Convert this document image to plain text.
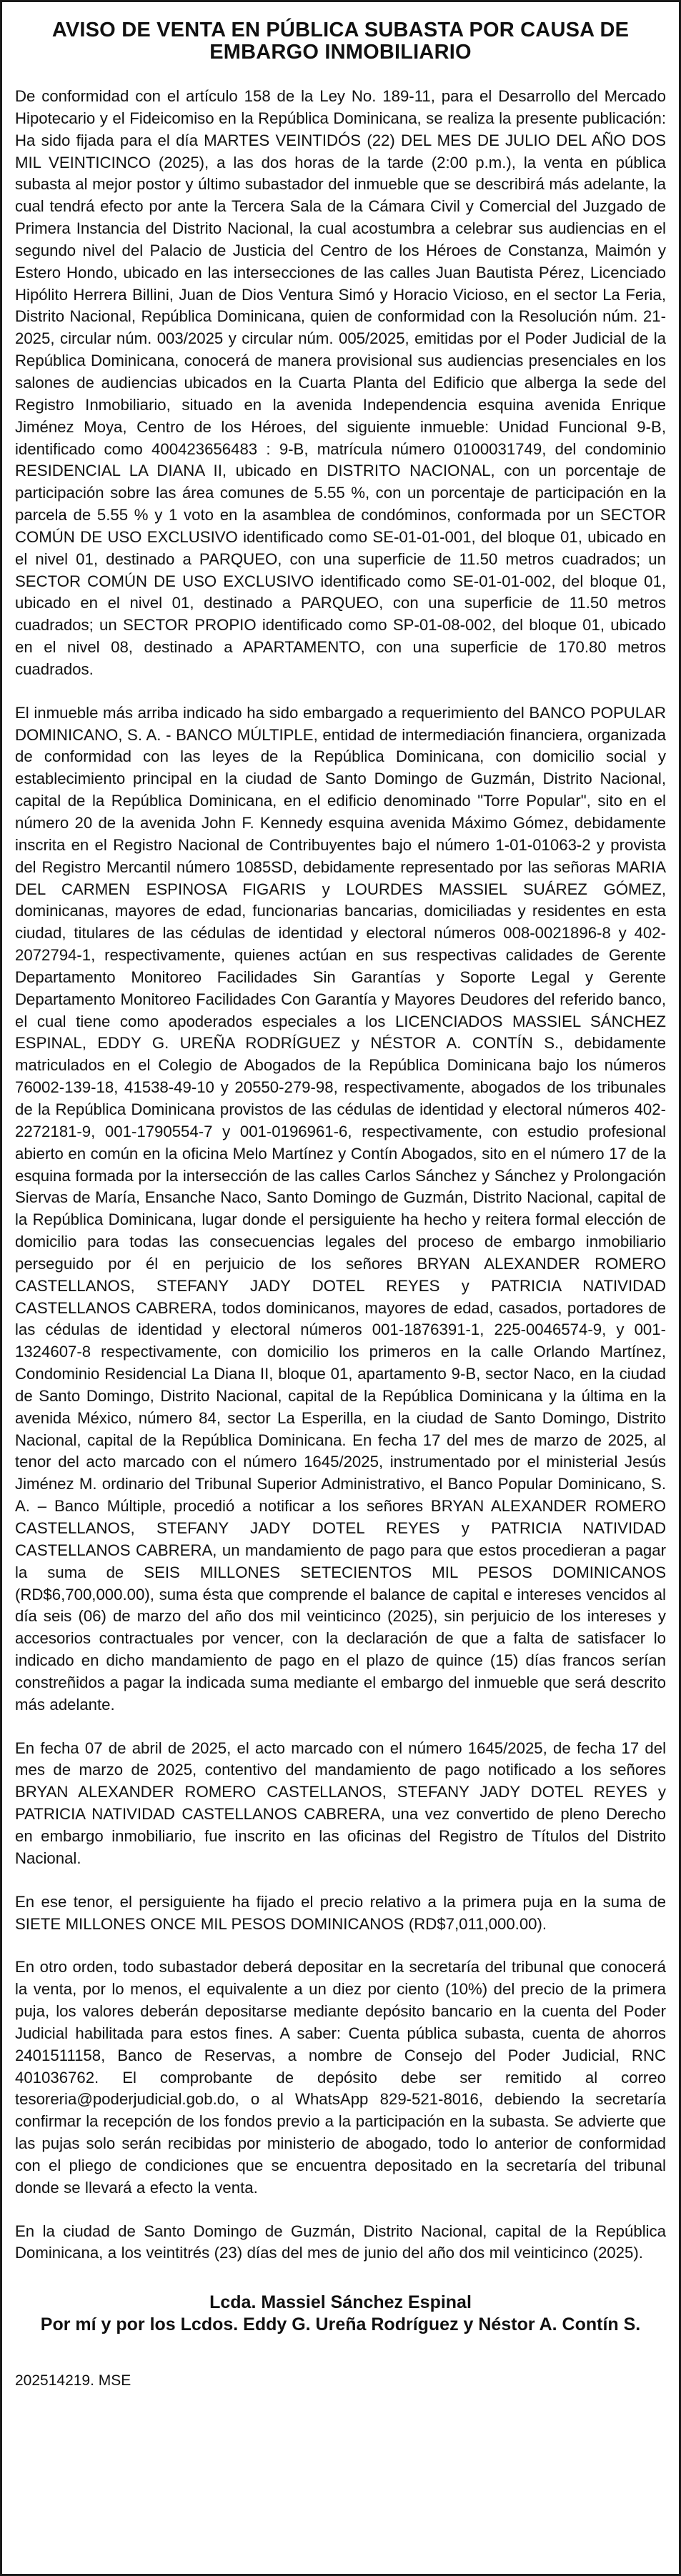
AVISO DE VENTA EN PÚBLICA SUBASTA POR CAUSA DE EMBARGO INMOBILIARIO

De conformidad con el artículo 158 de la Ley No. 189-11, para el Desarrollo del Mercado Hipotecario y el Fideicomiso en la República Dominicana, se realiza la presente publicación: Ha sido fijada para el día MARTES VEINTIDÓS (22) DEL MES DE JULIO DEL AÑO DOS MIL VEINTICINCO (2025), a las dos horas de la tarde (2:00 p.m.), la venta en pública subasta al mejor postor y último subastador del inmueble que se describirá más adelante, la cual tendrá efecto por ante la Tercera Sala de la Cámara Civil y Comercial del Juzgado de Primera Instancia del Distrito Nacional, la cual acostumbra a celebrar sus audiencias en el segundo nivel del Palacio de Justicia del Centro de los Héroes de Constanza, Maimón y Estero Hondo, ubicado en las intersecciones de las calles Juan Bautista Pérez, Licenciado Hipólito Herrera Billini, Juan de Dios Ventura Simó y Horacio Vicioso, en el sector La Feria, Distrito Nacional, República Dominicana, quien de conformidad con la Resolución núm. 21-2025, circular núm. 003/2025 y circular núm. 005/2025, emitidas por el Poder Judicial de la República Dominicana, conocerá de manera provisional sus audiencias presenciales en los salones de audiencias ubicados en la Cuarta Planta del Edificio que alberga la sede del Registro Inmobiliario, situado en la avenida Independencia esquina avenida Enrique Jiménez Moya, Centro de los Héroes, del siguiente inmueble: Unidad Funcional 9-B, identificado como 400423656483 : 9-B, matrícula número 0100031749, del condominio RESIDENCIAL LA DIANA II, ubicado en DISTRITO NACIONAL, con un porcentaje de participación sobre las área comunes de 5.55 %, con un porcentaje de participación en la parcela de 5.55 % y 1 voto en la asamblea de condóminos, conformada por un SECTOR COMÚN DE USO EXCLUSIVO identificado como SE-01-01-001, del bloque 01, ubicado en el nivel 01, destinado a PARQUEO, con una superficie de 11.50 metros cuadrados; un SECTOR COMÚN DE USO EXCLUSIVO identificado como SE-01-01-002, del bloque 01, ubicado en el nivel 01, destinado a PARQUEO, con una superficie de 11.50 metros cuadrados; un SECTOR PROPIO identificado como SP-01-08-002, del bloque 01, ubicado en el nivel 08, destinado a APARTAMENTO, con una superficie de 170.80 metros cuadrados.

El inmueble más arriba indicado ha sido embargado a requerimiento del BANCO POPULAR DOMINICANO, S. A. - BANCO MÚLTIPLE, entidad de intermediación financiera, organizada de conformidad con las leyes de la República Dominicana, con domicilio social y establecimiento principal en la ciudad de Santo Domingo de Guzmán, Distrito Nacional, capital de la República Dominicana, en el edificio denominado "Torre Popular", sito en el número 20 de la avenida John F. Kennedy esquina avenida Máximo Gómez, debidamente inscrita en el Registro Nacional de Contribuyentes bajo el número 1-01-01063-2 y provista del Registro Mercantil número 1085SD, debidamente representado por las señoras MARIA DEL CARMEN ESPINOSA FIGARIS y LOURDES MASSIEL SUÁREZ GÓMEZ, dominicanas, mayores de edad, funcionarias bancarias, domiciliadas y residentes en esta ciudad, titulares de las cédulas de identidad y electoral números 008-0021896-8 y 402-2072794-1, respectivamente, quienes actúan en sus respectivas calidades de Gerente Departamento Monitoreo Facilidades Sin Garantías y Soporte Legal y Gerente Departamento Monitoreo Facilidades Con Garantía y Mayores Deudores del referido banco, el cual tiene como apoderados especiales a los LICENCIADOS MASSIEL SÁNCHEZ ESPINAL, EDDY G. UREÑA RODRÍGUEZ y NÉSTOR A. CONTÍN S., debidamente matriculados en el Colegio de Abogados de la República Dominicana bajo los números 76002-139-18, 41538-49-10 y 20550-279-98, respectivamente, abogados de los tribunales de la República Dominicana provistos de las cédulas de identidad y electoral números 402-2272181-9, 001-1790554-7 y 001-0196961-6, respectivamente, con estudio profesional abierto en común en la oficina Melo Martínez y Contín Abogados, sito en el número 17 de la esquina formada por la intersección de las calles Carlos Sánchez y Sánchez y Prolongación Siervas de María, Ensanche Naco, Santo Domingo de Guzmán, Distrito Nacional, capital de la República Dominicana, lugar donde el persiguiente ha hecho y reitera formal elección de domicilio para todas las consecuencias legales del proceso de embargo inmobiliario perseguido por él en perjuicio de los señores BRYAN ALEXANDER ROMERO CASTELLANOS, STEFANY JADY DOTEL REYES y PATRICIA NATIVIDAD CASTELLANOS CABRERA, todos dominicanos, mayores de edad, casados, portadores de las cédulas de identidad y electoral números 001-1876391-1, 225-0046574-9, y 001-1324607-8 respectivamente, con domicilio los primeros en la calle Orlando Martínez, Condominio Residencial La Diana II, bloque 01, apartamento 9-B, sector Naco, en la ciudad de Santo Domingo, Distrito Nacional, capital de la República Dominicana y la última en la avenida México, número 84, sector La Esperilla, en la ciudad de Santo Domingo, Distrito Nacional, capital de la República Dominicana. En fecha 17 del mes de marzo de 2025, al tenor del acto marcado con el número 1645/2025, instrumentado por el ministerial Jesús Jiménez M. ordinario del Tribunal Superior Administrativo, el Banco Popular Dominicano, S. A. – Banco Múltiple, procedió a notificar a los señores BRYAN ALEXANDER ROMERO CASTELLANOS, STEFANY JADY DOTEL REYES y PATRICIA NATIVIDAD CASTELLANOS CABRERA, un mandamiento de pago para que estos procedieran a pagar la suma de SEIS MILLONES SETECIENTOS MIL PESOS DOMINICANOS (RD$6,700,000.00), suma ésta que comprende el balance de capital e intereses vencidos al día seis (06) de marzo del año dos mil veinticinco (2025), sin perjuicio de los intereses y accesorios contractuales por vencer, con la declaración de que a falta de satisfacer lo indicado en dicho mandamiento de pago en el plazo de quince (15) días francos serían constreñidos a pagar la indicada suma mediante el embargo del inmueble que será descrito más adelante.

En fecha 07 de abril de 2025, el acto marcado con el número 1645/2025, de fecha 17 del mes de marzo de 2025, contentivo del mandamiento de pago notificado a los señores BRYAN ALEXANDER ROMERO CASTELLANOS, STEFANY JADY DOTEL REYES y PATRICIA NATIVIDAD CASTELLANOS CABRERA, una vez convertido de pleno Derecho en embargo inmobiliario, fue inscrito en las oficinas del Registro de Títulos del Distrito Nacional.

En ese tenor, el persiguiente ha fijado el precio relativo a la primera puja en la suma de SIETE MILLONES ONCE MIL PESOS DOMINICANOS (RD$7,011,000.00).

En otro orden, todo subastador deberá depositar en la secretaría del tribunal que conocerá la venta, por lo menos, el equivalente a un diez por ciento (10%) del precio de la primera puja, los valores deberán depositarse mediante depósito bancario en la cuenta del Poder Judicial habilitada para estos fines. A saber: Cuenta pública subasta, cuenta de ahorros 2401511158, Banco de Reservas, a nombre de Consejo del Poder Judicial, RNC 401036762. El comprobante de depósito debe ser remitido al correo tesoreria@poderjudicial.gob.do, o al WhatsApp 829-521-8016, debiendo la secretaría confirmar la recepción de los fondos previo a la participación en la subasta. Se advierte que las pujas solo serán recibidas por ministerio de abogado, todo lo anterior de conformidad con el pliego de condiciones que se encuentra depositado en la secretaría del tribunal donde se llevará a efecto la venta.

En la ciudad de Santo Domingo de Guzmán, Distrito Nacional, capital de la República Dominicana, a los veintitrés (23) días del mes de junio del año dos mil veinticinco (2025).

Lcda. Massiel Sánchez Espinal
Por mí y por los Lcdos. Eddy G. Ureña Rodríguez y Néstor A. Contín S.
202514219. MSE
